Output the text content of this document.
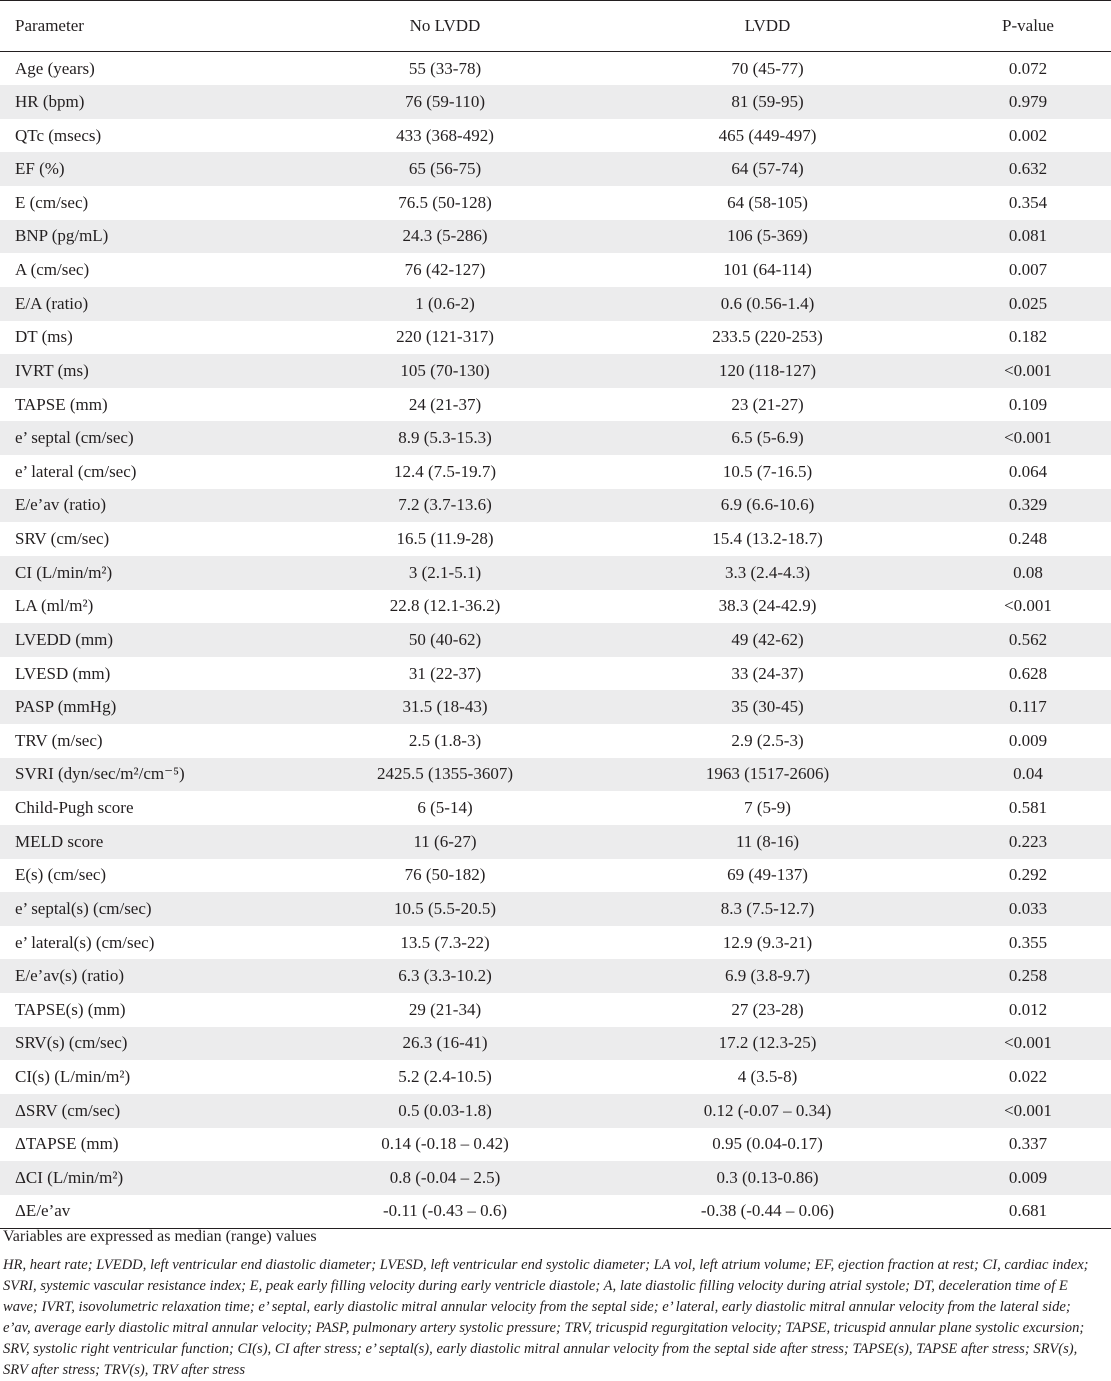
Parameter	No LVDD	LVDD	P-value
Age (years)	55 (33-78)	70 (45-77)	0.072
HR (bpm)	76 (59-110)	81 (59-95)	0.979
QTc (msecs)	433 (368-492)	465 (449-497)	0.002
EF (%)	65 (56-75)	64 (57-74)	0.632
E (cm/sec)	76.5 (50-128)	64 (58-105)	0.354
BNP (pg/mL)	24.3 (5-286)	106 (5-369)	0.081
A (cm/sec)	76 (42-127)	101 (64-114)	0.007
E/A (ratio)	1 (0.6-2)	0.6 (0.56-1.4)	0.025
DT (ms)	220 (121-317)	233.5 (220-253)	0.182
IVRT (ms)	105 (70-130)	120 (118-127)	<0.001
TAPSE (mm)	24 (21-37)	23 (21-27)	0.109
e’ septal (cm/sec)	8.9 (5.3-15.3)	6.5 (5-6.9)	<0.001
e’ lateral (cm/sec)	12.4 (7.5-19.7)	10.5 (7-16.5)	0.064
E/e’av (ratio)	7.2 (3.7-13.6)	6.9 (6.6-10.6)	0.329
SRV (cm/sec)	16.5 (11.9-28)	15.4 (13.2-18.7)	0.248
CI (L/min/m²)	3 (2.1-5.1)	3.3 (2.4-4.3)	0.08
LA (ml/m²)	22.8 (12.1-36.2)	38.3 (24-42.9)	<0.001
LVEDD (mm)	50 (40-62)	49 (42-62)	0.562
LVESD (mm)	31 (22-37)	33 (24-37)	0.628
PASP (mmHg)	31.5 (18-43)	35 (30-45)	0.117
TRV (m/sec)	2.5 (1.8-3)	2.9 (2.5-3)	0.009
SVRI (dyn/sec/m²/cm⁻⁵)	2425.5 (1355-3607)	1963 (1517-2606)	0.04
Child-Pugh score	6 (5-14)	7 (5-9)	0.581
MELD score	11 (6-27)	11 (8-16)	0.223
E(s) (cm/sec)	76 (50-182)	69 (49-137)	0.292
e’ septal(s) (cm/sec)	10.5 (5.5-20.5)	8.3 (7.5-12.7)	0.033
e’ lateral(s) (cm/sec)	13.5 (7.3-22)	12.9 (9.3-21)	0.355
E/e’av(s) (ratio)	6.3 (3.3-10.2)	6.9 (3.8-9.7)	0.258
TAPSE(s) (mm)	29 (21-34)	27 (23-28)	0.012
SRV(s) (cm/sec)	26.3 (16-41)	17.2 (12.3-25)	<0.001
CI(s) (L/min/m²)	5.2 (2.4-10.5)	4 (3.5-8)	0.022
ΔSRV (cm/sec)	0.5 (0.03-1.8)	0.12 (-0.07 – 0.34)	<0.001
ΔTAPSE (mm)	0.14 (-0.18 – 0.42)	0.95 (0.04-0.17)	0.337
ΔCI (L/min/m²)	0.8 (-0.04 – 2.5)	0.3 (0.13-0.86)	0.009
ΔE/e’av	-0.11 (-0.43 – 0.6)	-0.38 (-0.44 – 0.06)	0.681

Variables are expressed as median (range) values

HR, heart rate; LVEDD, left ventricular end diastolic diameter; LVESD, left ventricular end systolic diameter; LA vol, left atrium volume; EF, ejection fraction at rest; CI, cardiac index; SVRI, systemic vascular resistance index; E, peak early filling velocity during early ventricle diastole; A, late diastolic filling velocity during atrial systole; DT, deceleration time of E wave; IVRT, isovolumetric relaxation time; e’ septal, early diastolic mitral annular velocity from the septal side; e’ lateral, early diastolic mitral annular velocity from the lateral side; e’av, average early diastolic mitral annular velocity; PASP, pulmonary artery systolic pressure; TRV, tricuspid regurgitation velocity; TAPSE, tricuspid annular plane systolic excursion; SRV, systolic right ventricular function; CI(s), CI after stress; e’ septal(s), early diastolic mitral annular velocity from the septal side after stress; TAPSE(s), TAPSE after stress; SRV(s), SRV after stress; TRV(s), TRV after stress
